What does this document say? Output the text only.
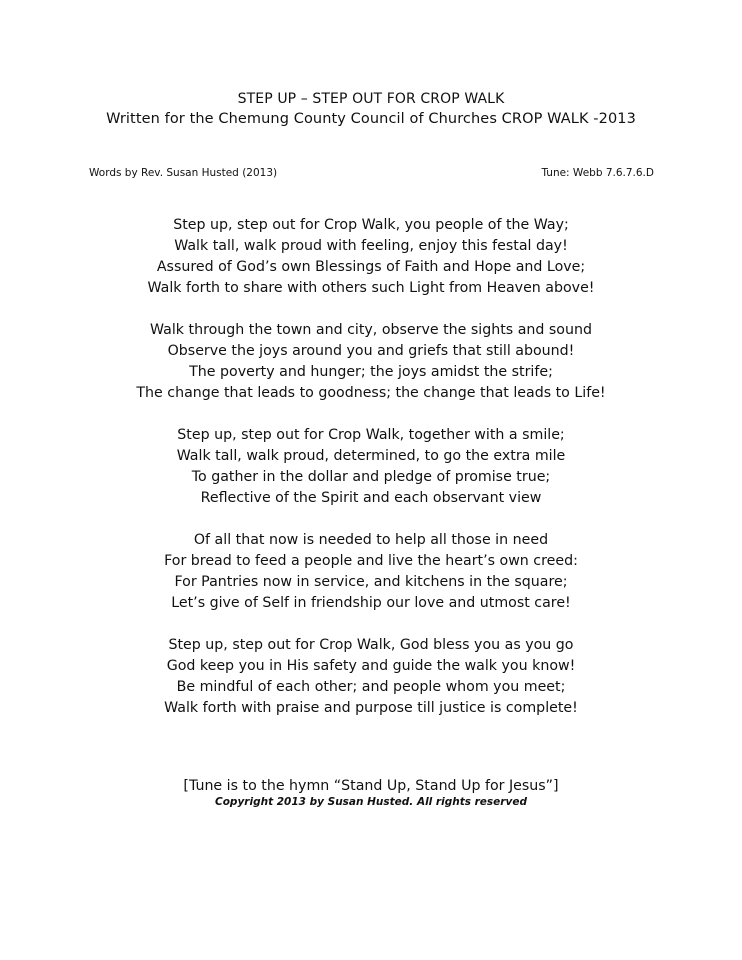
STEP UP – STEP OUT FOR CROP WALK
Written for the Chemung County Council of Churches CROP WALK -2013
Words by Rev. Susan Husted (2013)	Tune: Webb 7.6.7.6.D
Step up, step out for Crop Walk, you people of the Way;
Walk tall, walk proud with feeling, enjoy this festal day!
Assured of God’s own Blessings of Faith and Hope and Love;
Walk forth to share with others such Light from Heaven above!
Walk through the town and city, observe the sights and sound
Observe the joys around you and griefs that still abound!
The poverty and hunger; the joys amidst the strife;
The change that leads to goodness; the change that leads to Life!
Step up, step out for Crop Walk, together with a smile;
Walk tall, walk proud, determined, to go the extra mile
To gather in the dollar and pledge of promise true;
Reflective of the Spirit and each observant view
Of all that now is needed to help all those in need
For bread to feed a people and live the heart’s own creed:
For Pantries now in service, and kitchens in the square;
Let’s give of Self in friendship our love and utmost care!
Step up, step out for Crop Walk, God bless you as you go
God keep you in His safety and guide the walk you know!
Be mindful of each other; and people whom you meet;
Walk forth with praise and purpose till justice is complete!
[Tune is to the hymn “Stand Up, Stand Up for Jesus”]
Copyright 2013 by Susan Husted. All rights reserved
